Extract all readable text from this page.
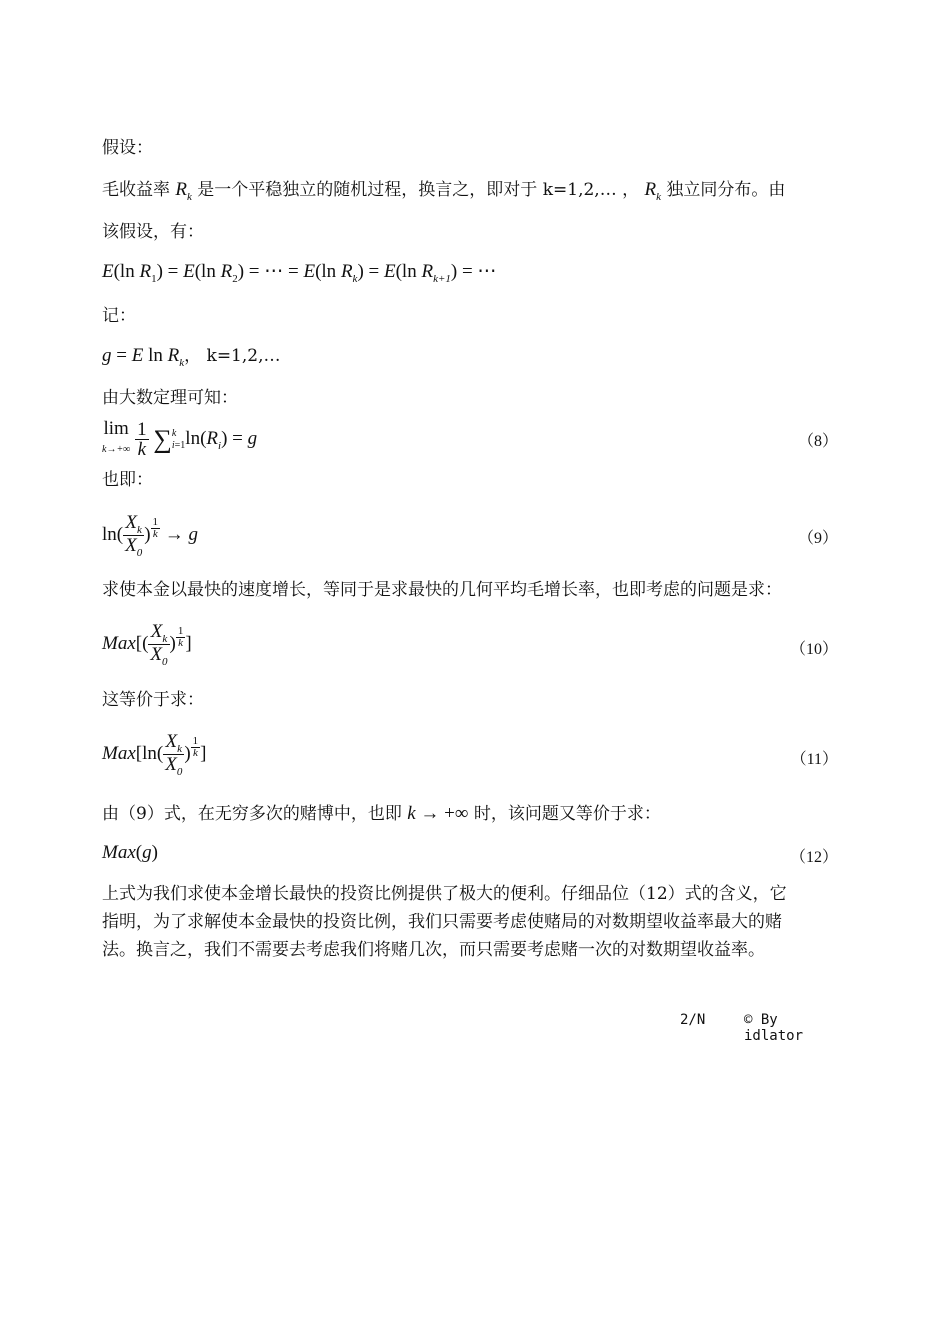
假设：
毛收益率 $R_k$ 是一个平稳独立的随机过程，换言之，即对于 k=1,2,… ， $R_k$ 独立同分布。由
该假设，有：
E(ln $R_1) = E(\ln$ $R_2$) = ⋯ = E(ln $R_k) = E(\ln$ $R_{k+1}$) = ⋯
记：
g = E $\ln R_k$， k=1,2,…
由大数定理可知：
lim
$k\to+\infty \frac{1}{k} \sum k$
$i=1\ln(R_i) = g$	（8）
也即：
$\ln( \frac{X_k}{X_0}$ ) $^{\frac{1}{k}}$ → g	（9）
求使本金以最快的速度增长，等同于是求最快的几何平均毛增长率，也即考虑的问题是求：
$Max[( \frac{X_k}{X_0}$ ) $^{\frac{1}{k}}$ ]	（10）
这等价于求：
$Max[\ln( \frac{X_k}{X_0}$ ) $^{\frac{1}{k}}$ ]	（11）
由（9）式，在无穷多次的赌博中，也即 k → +∞ 时，该问题又等价于求：
Max(g)	（12）
上式为我们求使本金增长最快的投资比例提供了极大的便利。仔细品位（12）式的含义，它
指明，为了求解使本金最快的投资比例，我们只需要考虑使赌局的对数期望收益率最大的赌
法。换言之，我们不需要去考虑我们将赌几次，而只需要考虑赌一次的对数期望收益率。
2/N	© By idlator
